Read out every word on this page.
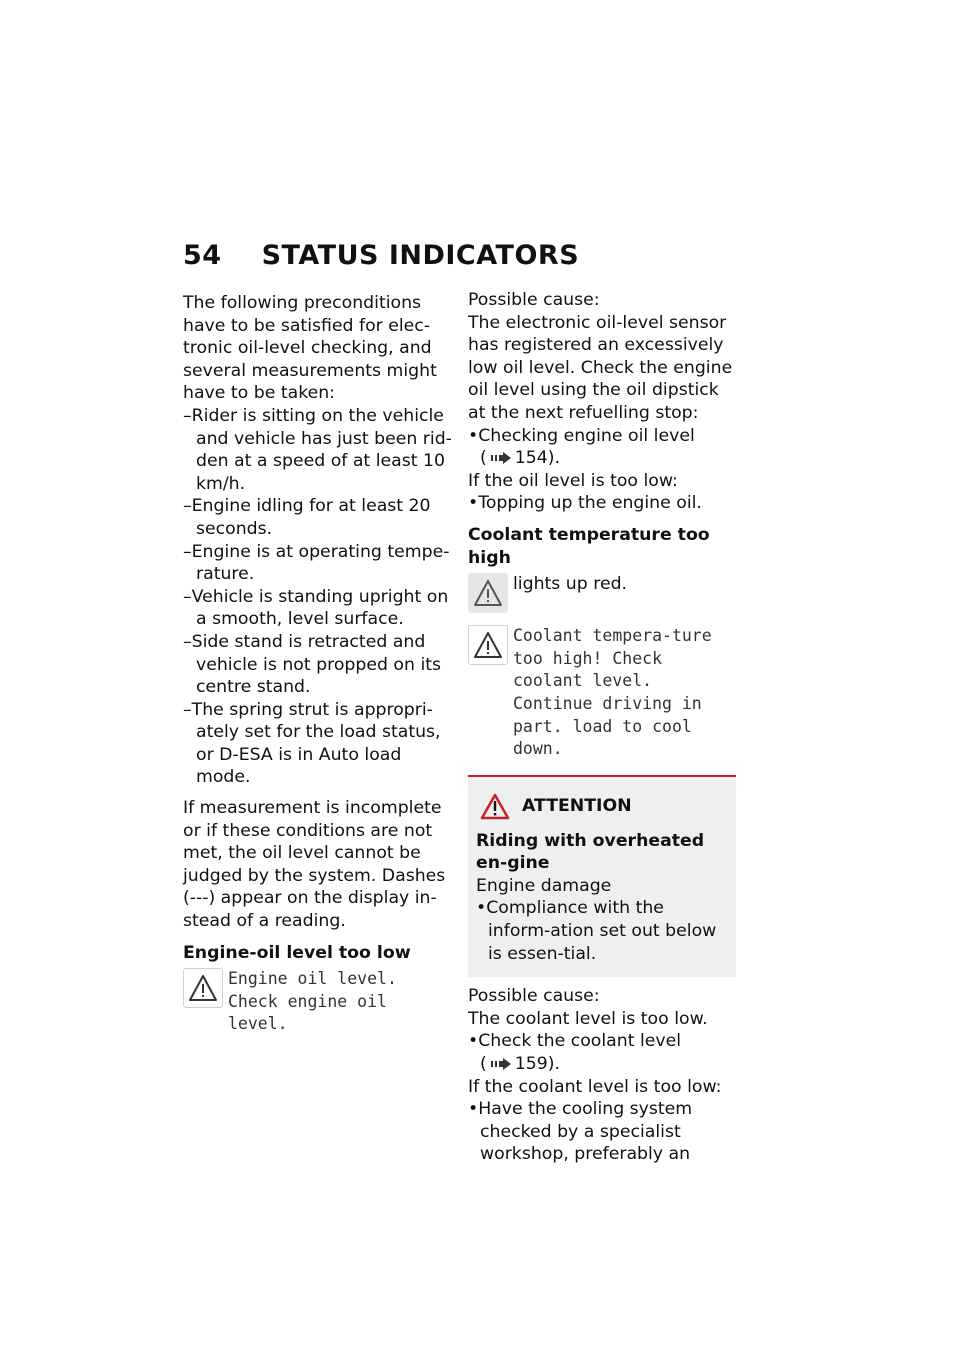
54 STATUS INDICATORS

The following preconditions have to be satisfied for elec-tronic oil-level checking, and several measurements might have to be taken:

–Rider is sitting on the vehicle and vehicle has just been rid-den at a speed of at least 10 km/h.

–Engine idling for at least 20 seconds.

–Engine is at operating tempe-rature.

–Vehicle is standing upright on a smooth, level surface.

–Side stand is retracted and vehicle is not propped on its centre stand.

–The spring strut is appropri-ately set for the load status, or D-ESA is in Auto load mode.

If measurement is incomplete or if these conditions are not met, the oil level cannot be judged by the system. Dashes (---) appear on the display in-stead of a reading.

Engine-oil level too low

Engine oil level. Check engine oil level.

Possible cause:

The electronic oil-level sensor has registered an excessively low oil level. Check the engine oil level using the oil dipstick at the next refuelling stop:

•Checking engine oil level

( 154).

If the oil level is too low:

•Topping up the engine oil.

Coolant temperature too high

lights up red.

Coolant tempera-ture too high! Check coolant level. Continue driving in part. load to cool down.

ATTENTION

Riding with overheated en-gine

Engine damage

•Compliance with the inform-ation set out below is essen-tial.

Possible cause:

The coolant level is too low.

•Check the coolant level

( 159).

If the coolant level is too low:

•Have the cooling system checked by a specialist workshop, preferably an
